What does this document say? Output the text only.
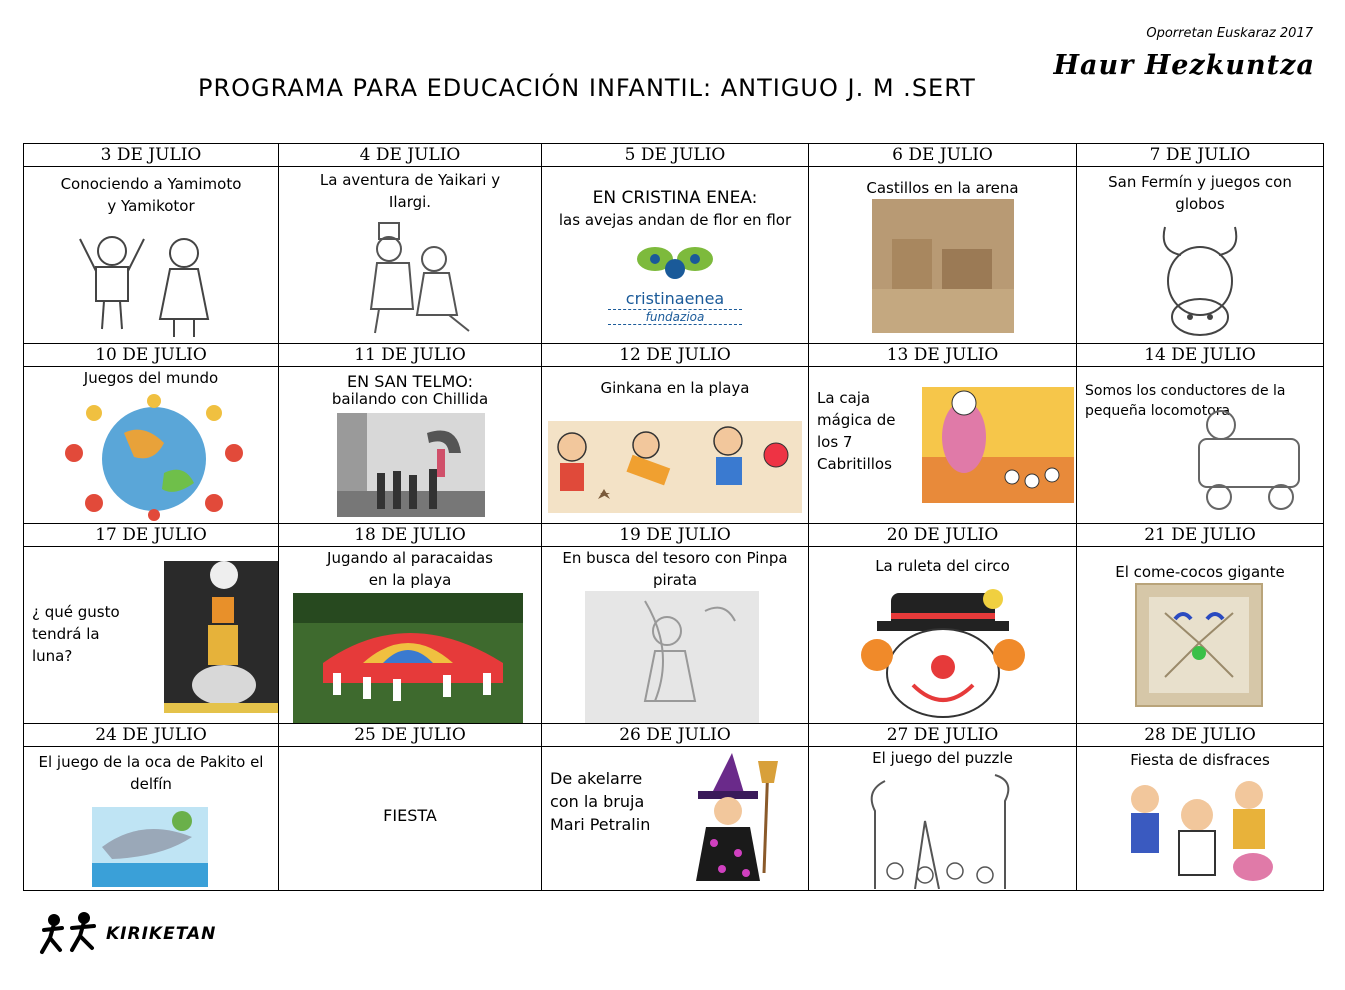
Oporretan Euskaraz 2017
Haur Hezkuntza
PROGRAMA PARA EDUCACIÓN INFANTIL: ANTIGUO J. M .SERT
3 DE JULIO	4 DE JULIO	5 DE JULIO	6 DE JULIO	7 DE JULIO

Conociendo a Yamimoto y Yamikotor	La aventura de Yaikari y Ilargi.	EN CRISTINA ENEA:
las avejas andan de flor en flor
cristinaenea
fundazioa	Castillos en la arena	San Fermín y juegos con globos

10 DE JULIO	11 DE JULIO	12 DE JULIO	13 DE JULIO	14 DE JULIO

Juegos del mundo	EN SAN TELMO:
bailando con Chillida	Ginkana en la playa	La caja mágica de los 7 Cabritillos	Somos los conductores de la pequeña locomotora

17 DE JULIO	18 DE JULIO	19 DE JULIO	20 DE JULIO	21 DE JULIO

¿ qué gusto tendrá la luna?	Jugando al paracaidas en la playa	En busca del tesoro con Pinpa pirata	La ruleta del circo	El come-cocos gigante

24 DE JULIO	25 DE JULIO	26 DE JULIO	27 DE JULIO	28 DE JULIO

El juego de la oca de Pakito el delfín	FIESTA	De akelarre con la bruja Mari Petralin	El juego del puzzle	Fiesta de disfraces
KIRIKETAN
